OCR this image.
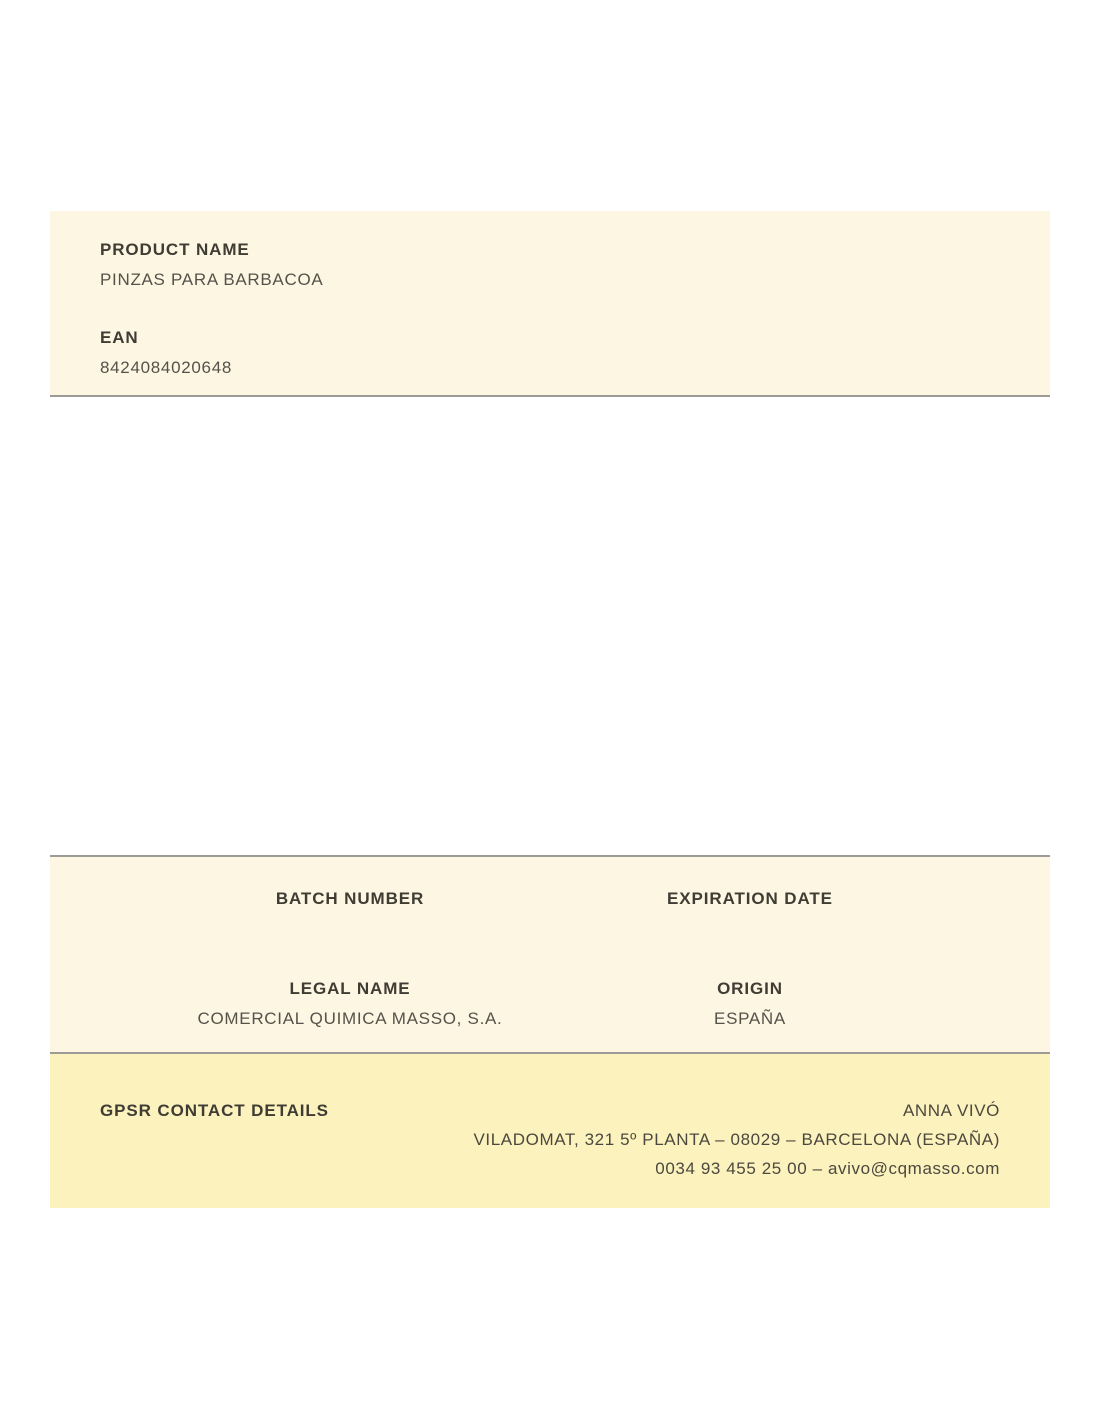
PRODUCT NAME
PINZAS PARA BARBACOA
EAN
8424084020648
BATCH NUMBER	EXPIRATION DATE
LEGAL NAME
COMERCIAL QUIMICA MASSO, S.A.
ORIGIN
ESPAÑA
GPSR CONTACT DETAILS	ANNA VIVÓ
VILADOMAT, 321 5º PLANTA – 08029 – BARCELONA (ESPAÑA)
0034 93 455 25 00 – avivo@cqmasso.com
